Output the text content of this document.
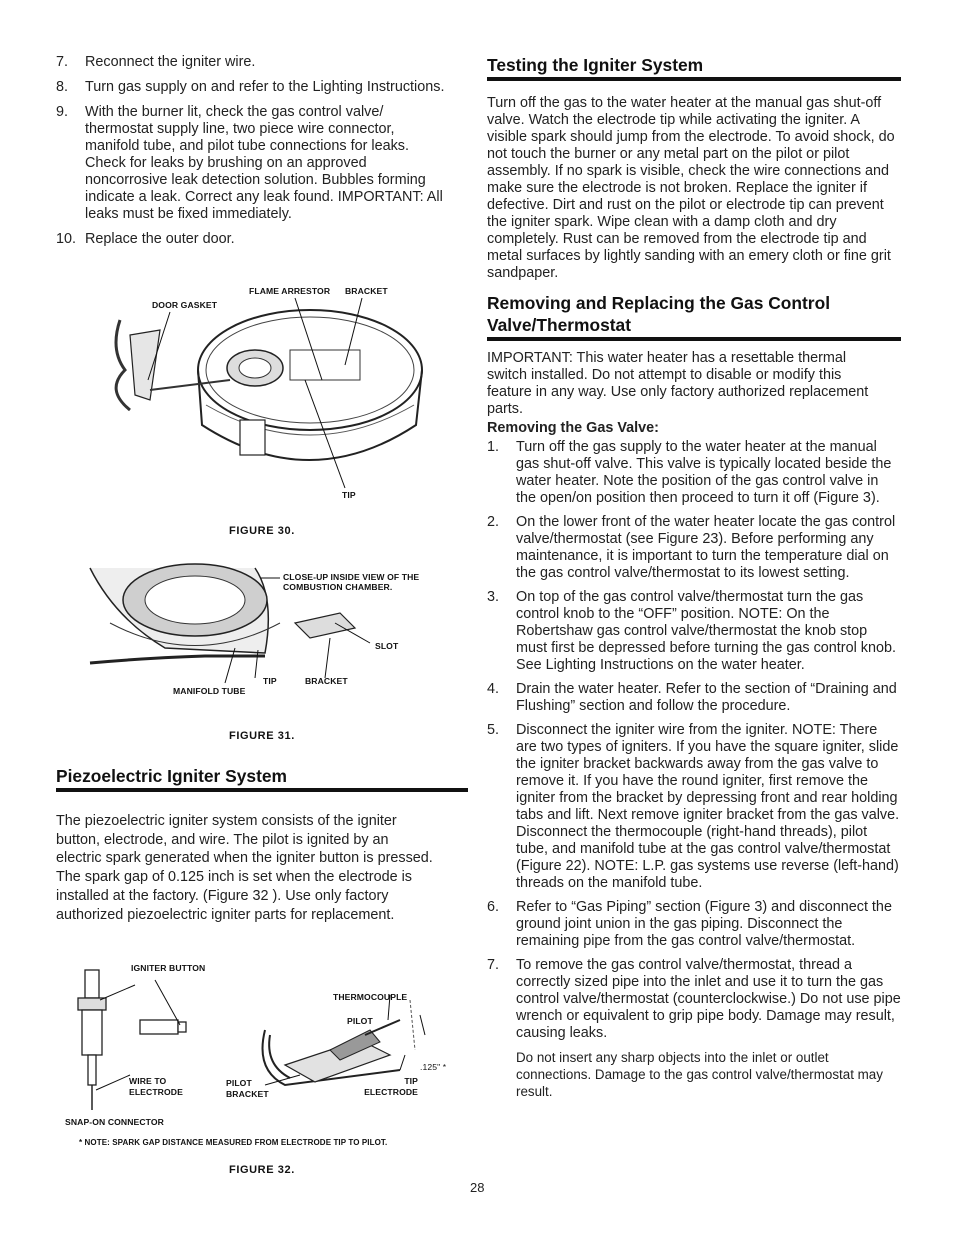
7. Reconnect the igniter wire.
8. Turn gas supply on and refer to the Lighting Instructions.
9. With the burner lit, check the gas control valve/ thermostat supply line, two piece wire connector, manifold tube, and pilot tube connections for leaks. Check for leaks by brushing on an approved noncorrosive leak detection solution. Bubbles forming indicate a leak. Correct any leak found. IMPORTANT: All leaks must be fixed immediately.
10. Replace the outer door.
FLAME ARRESTOR BRACKET
DOOR GASKET
TIP
FIGURE 30.
CLOSE-UP INSIDE VIEW OF THE COMBUSTION CHAMBER.
SLOT
TIP	BRACKET
MANIFOLD TUBE
FIGURE 31.
Piezoelectric Igniter System

The piezoelectric igniter system consists of the igniter button, electrode, and wire. The pilot is ignited by an electric spark generated when the igniter button is pressed. The spark gap of 0.125 inch is set when the electrode is installed at the factory. (Figure 32 ). Use only factory authorized piezoelectric igniter parts for replacement.

IGNITER BUTTON
THERMOCOUPLE
PILOT
.125" *
WIRE TO ELECTRODE
PILOT BRACKET
TIP ELECTRODE
SNAP-ON CONNECTOR
* NOTE: SPARK GAP DISTANCE MEASURED FROM ELECTRODE TIP TO PILOT.
FIGURE 32.
Testing the Igniter System

Turn off the gas to the water heater at the manual gas shut-off valve. Watch the electrode tip while activating the igniter. A visible spark should jump from the electrode. To avoid shock, do not touch the burner or any metal part on the pilot or pilot assembly. If no spark is visible, check the wire connections and make sure the electrode is not broken. Replace the igniter if defective. Dirt and rust on the pilot or electrode tip can prevent the igniter spark. Wipe clean with a damp cloth and dry completely. Rust can be removed from the electrode tip and metal surfaces by lightly sanding with an emery cloth or fine grit sandpaper.

Removing and Replacing the Gas Control Valve/Thermostat

IMPORTANT: This water heater has a resettable thermal switch installed. Do not attempt to disable or modify this feature in any way. Use only factory authorized replacement parts.

Removing the Gas Valve:

1. Turn off the gas supply to the water heater at the manual gas shut-off valve. This valve is typically located beside the water heater. Note the position of the gas control valve in the open/on position then proceed to turn it off (Figure 3).
2. On the lower front of the water heater locate the gas control valve/thermostat (see Figure 23). Before performing any maintenance, it is important to turn the temperature dial on the gas control valve/thermostat to its lowest setting.
3. On top of the gas control valve/thermostat turn the gas control knob to the “OFF” position. NOTE: On the Robertshaw gas control valve/thermostat the knob stop must first be depressed before turning the gas control knob. See Lighting Instructions on the water heater.
4. Drain the water heater. Refer to the section of “Draining and Flushing” section and follow the procedure.
5. Disconnect the igniter wire from the igniter. NOTE: There are two types of igniters. If you have the square igniter, slide the igniter bracket backwards away from the gas valve to remove it. If you have the round igniter, first remove the igniter from the bracket by depressing front and rear holding tabs and lift. Next remove igniter bracket from the gas valve. Disconnect the thermocouple (right-hand threads), pilot tube, and manifold tube at the gas control valve/thermostat (Figure 22). NOTE: L.P. gas systems use reverse (left-hand) threads on the manifold tube.
6. Refer to “Gas Piping” section (Figure 3) and disconnect the ground joint union in the gas piping. Disconnect the remaining pipe from the gas control valve/thermostat.
7. To remove the gas control valve/thermostat, thread a correctly sized pipe into the inlet and use it to turn the gas control valve/thermostat (counterclockwise.) Do not use pipe wrench or equivalent to grip pipe body. Damage may result, causing leaks.

Do not insert any sharp objects into the inlet or outlet connections. Damage to the gas control valve/thermostat may result.

28
